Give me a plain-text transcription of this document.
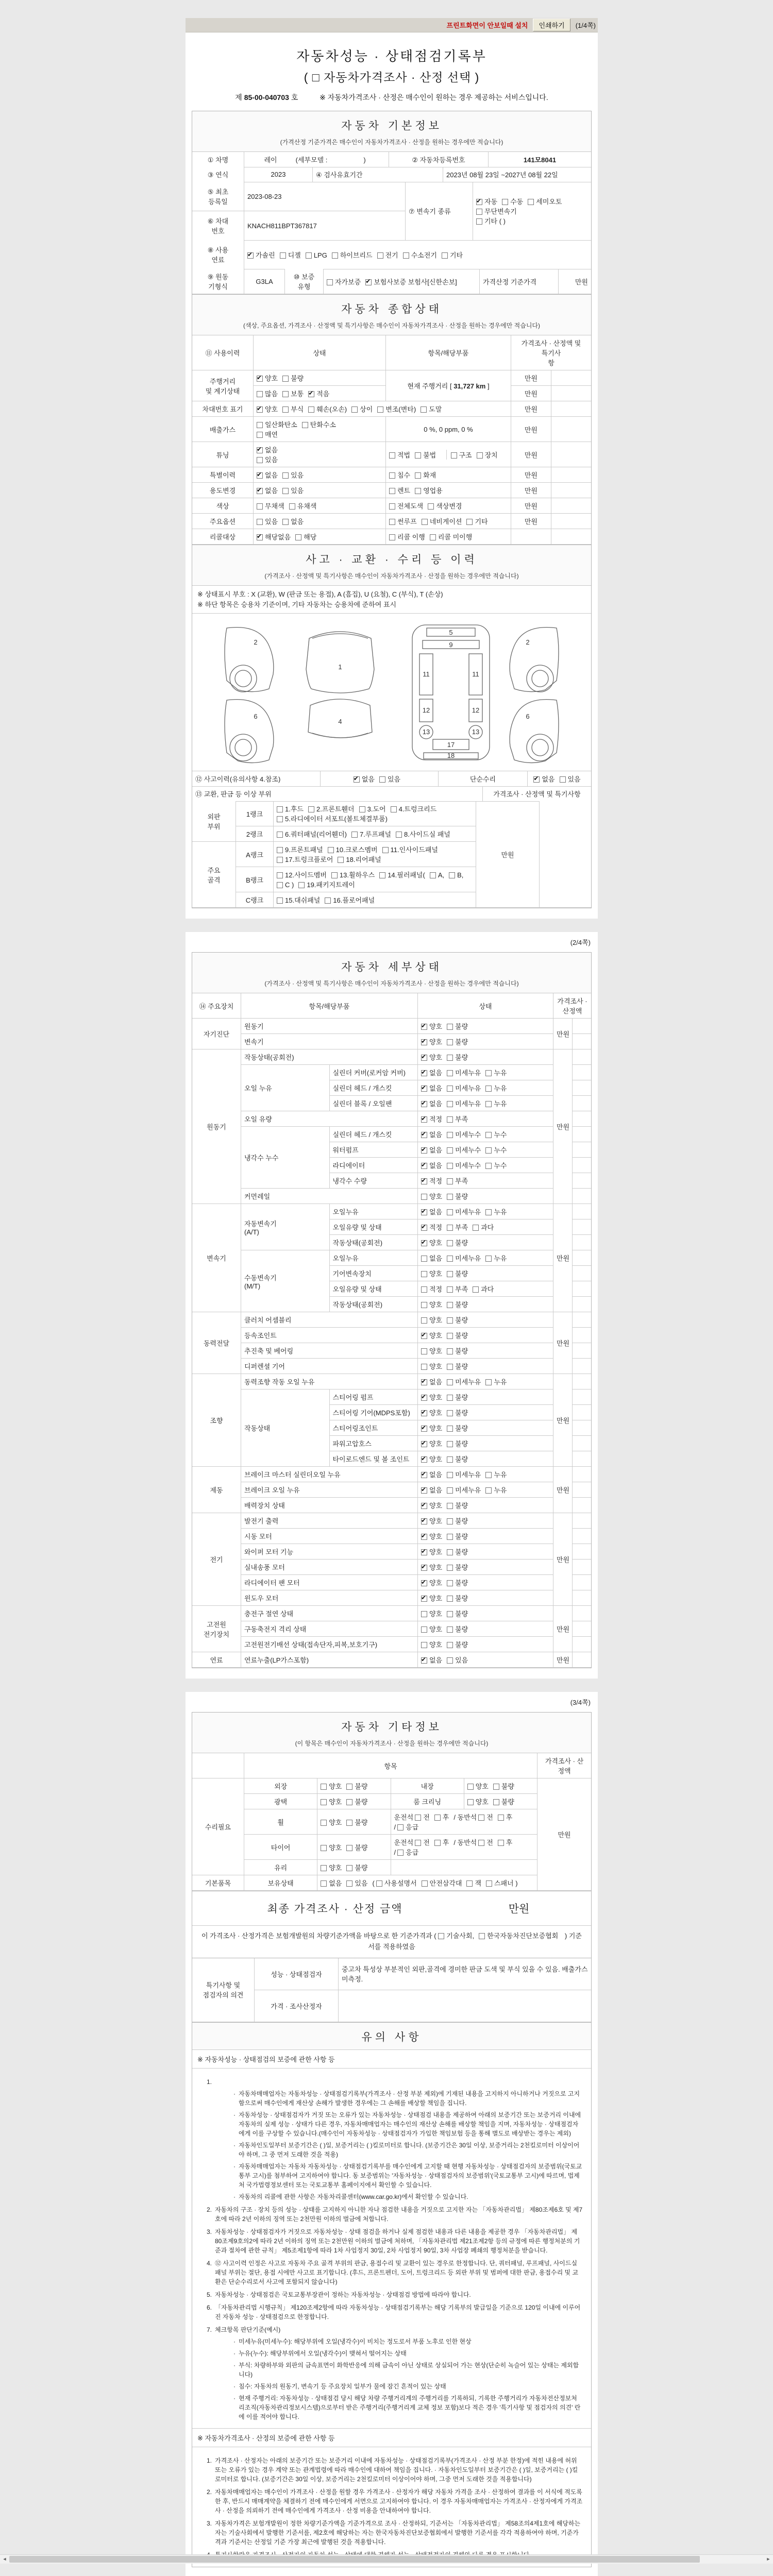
프린트화면이 안보일때 설치	인쇄하기	(1/4쪽)
자동차성능 · 상태점검기록부
( □ 자동차가격조사 · 산정 선택 )
제 85-00-040703 호	※ 자동차가격조사 · 산정은 매수인이 원하는 경우 제공하는 서비스입니다.
자동차 기본정보
(가격산정 기준가격은 매수인이 자동차가격조사 · 산정을 원하는 경우에만 적습니다)
① 차명	레이	(세부모델 :	)	② 자동차등록번호	141모8041
③ 연식	2023	④ 검사유효기간	2023년 08월 23일 ~2027년 08월 22일
⑤ 최초
등록일	2023-08-23	⑦ 변속기 종류	
✔자동 수동 세미오토무단변속기
기타 ( )

⑥ 차대
번호	KNACH811BPT367817		
⑧ 사용
연료	✔가솔린 디젤 LPG 하이브리드 전기 수소전기 기타
⑨ 원동
기형식	G3LA	⑩ 보증
유형	자가보증 ✔ 보험사보증 보험사[신한손보]	가격산정 기준가격	만원
자동차 종합상태
(색상, 주요옵션, 가격조사 · 산정액 및 특기사항은 매수인이 자동차가격조사 · 산정을 원하는 경우에만 적습니다)
⑪ 사용이력	상태	항목/해당부품	가격조사 · 산정액 및 특기사
항	
주행거리
및 계기상태	✔양호 불량	현재 주행거리 [ 31,727 km ]	만원	
	많음 보통 ✔ 적음		만원	
차대번호 표기	✔양호 부식 훼손(오손) 상이 변조(변타) 도말		만원	
배출가스	일산화탄소 탄화수소
매연	0 %, 0 ppm, 0 %	만원	
튜닝	
✔없음
있음

적법 불법	구조 장치	만원	
특별이력	✔없음 있음	침수 화재	만원	
용도변경	✔없음 있음	렌트 영업용	만원	
색상	무채색 유채색	전체도색 색상변경	만원	
주요옵션	있음 없음	썬루프 네비게이션 기타	만원	
리콜대상	✔해당없음 해당	리콜 이행 리콜 미이행		
사고 · 교환 · 수리 등 이력
(가격조사 · 산정액 및 특기사항은 매수인이 자동차가격조사 · 산정을 원하는 경우에만 적습니다)
※ 상태표시 부호 : X (교환), W (판금 또는 용접), A (흠집), U (요철), C (부식), T (손상)
※ 하단 항목은 승용차 기준이며, 기타 자동차는 승용차에 준하여 표시
2
6
1
4
5
9
11	11
12	12
13	13
17
18
2
6
⑫ 사고이력(유의사항 4.참조)	✔없음 있음	단순수리	✔없음 있음
⑬ 교환, 판금 등 이상 부위	가격조사 · 산정액 및 특기사항
외판
부위	1랭크	1.후드 2.프론트휀더 3.도어 4.트렁크리드5.라디에이터 서포트(볼트체결부품)	만원	
	2랭크	6.쿼터패널(리어휀더) 7.루프패널 8.사이드실 패널		
주요
골격	A랭크	9.프론트패널 10.크로스멤버 11.인사이드패널17.트렁크플로어 18.리어패널		
	B랭크	12.사이드멤버 13.휠하우스 14.필러패널( A, B,C ) 19.패키지트레이		
	C랭크	15.대쉬패널 16.플로어패널		
(2/4쪽)
자동차 세부상태
(가격조사 · 산정액 및 특기사항은 매수인이 자동차가격조사 · 산정을 원하는 경우에만 적습니다)
⑭ 주요장치	항목/해당부품		상태	가격조사 · 산정액	
자기진단	원동기	✔양호 불량	만원	
	변속기	✔양호 불량	
원동기	작동상태(공회전)	✔양호 불량	만원	
	오일 누유	실린더 커버(로커암 커버)	✔없음 미세누유 누유	
		실린더 헤드 / 개스킷	✔없음 미세누유 누유	
		실린더 블록 / 오일팬	✔없음 미세누유 누유	
	오일 유량	✔적정 부족	
	냉각수 누수	실린더 헤드 / 개스킷	✔없음 미세누수 누수	
		워터펌프	✔없음 미세누수 누수	
		라디에이터	✔없음 미세누수 누수	
		냉각수 수량	✔적정 부족	
	커먼레일		양호 불량		
변속기	자동변속기
(A/T)	오일누유	✔없음 미세누유 누유	만원	
		오일유량 및 상태	✔적정 부족 과다	
		작동상태(공회전)	✔양호 불량	
	수동변속기
(M/T)	오일누유	없음 미세누유 누유		
		기어변속장치	양호 불량		
		오일유량 및 상태	적정 부족 과다		
		작동상태(공회전)	양호 불량		
동력전달	클러치 어셈블리		양호 불량	만원	
	등속조인트	✔양호 불량	
	추진축 및 베어링		양호 불량		
	디퍼렌셜 기어		양호 불량		
조향	동력조향 작동 오일 누유	✔없음 미세누유 누유	만원	
	작동상태	스티어링 펌프	✔양호 불량	
		스티어링 기어(MDPS포함)	✔양호 불량	
		스티어링조인트	✔양호 불량	
		파워고압호스	✔양호 불량	
		타이로드엔드 및 볼 조인트	✔양호 불량	
제동	브레이크 마스터 실린더오일 누유	✔없음 미세누유 누유	만원	
	브레이크 오일 누유	✔없음 미세누유 누유	
	배력장치 상태	✔양호 불량	
전기	발전기 출력	✔양호 불량	만원	
	시동 모터	✔양호 불량	
	와이퍼 모터 기능	✔양호 불량	
	실내송풍 모터	✔양호 불량	
	라디에이터 팬 모터	✔양호 불량	
	윈도우 모터	✔양호 불량	
고전원
전기장치	충전구 절연 상태		양호 불량	만원	
	구동축전지 격리 상태		양호 불량		
	고전원전기배선 상태(접속단자,피복,보호기구)		양호 불량		
연료	연료누출(LP가스포함)	✔없음 있음	만원	
(3/4쪽)
자동차 기타정보
(이 항목은 매수인이 자동차가격조사 · 산정을 원하는 경우에만 적습니다)
	항목				가격조사 · 산
정액
수리필요	외장	양호 불량	내장	양호 불량	만원
	광택	양호 불량	룸 크리닝	양호 불량	
	휠	양호 불량	운전석 전 후 / 동반석 전 후/ 응급		
	타이어	양호 불량	운전석 전 후 / 동반석 전 후/ 응급		
	유리	양호 불량			
기본품목	보유상태	없음 있음 ( 사용설명서 안전삼각대 잭 스패너 )			
최종 가격조사 · 산정 금액	만원
이 가격조사 · 산정가격은 보험개발원의 차량기준가액을 바탕으로 한 기준가격과 ( 기술사회, 한국자동차진단보증협회 ) 기준서를 적용하였음
특기사항 및
점검자의 의견	성능 · 상태점검자	중고차 특성상 부분적인 외판,골격에 경미한 판금 도색 및 부식 있을 수 있음. 배출가스 미측정.
	가격 · 조사산정자	
유의 사항
※ 자동차성능 · 상태점검의 보증에 관한 사항 등
1.
· 자동차매매업자는 자동차성능 · 상태점검기록부(가격조사 · 산정 부분 제외)에 기재된 내용을 고지하지 아니하거나 거짓으로 고지함으로써 매수인에게 재산상 손해가 발생한 경우에는 그 손해를 배상할 책임을 집니다.
· 자동차성능 · 상태점검자가 거짓 또는 오류가 있는 자동차성능 · 상태점검 내용을 제공하여 아래의 보증기간 또는 보증거리 이내에 자동차의 실제 성능 · 상태가 다른 경우, 자동차매매업자는 매수인의 재산상 손해를 배상할 책임을 지며, 자동차성능 · 상태점검자에게 이를 구상할 수 있습니다.(매수인이 자동차성능 · 상태점검자가 가입한 책임보험 등을 통해 별도로 배상받는 경우는 제외)
· 자동차인도일부터 보증기간은 ( )일, 보증거리는 ( )킬로미터로 합니다. (보증기간은 30일 이상, 보증거리는 2천킬로미터 이상이어야 하며, 그 중 먼저 도래한 것을 적용)
· 자동차매매업자는 자동차 자동차성능 · 상태점검기록부를 매수인에게 고지할 때 현행 자동차성능 · 상태점검자의 보증범위(국토교통부 고시)를 첨부하여 고지하여야 합니다. 동 보증범위는 '자동차성능 · 상태점검자의 보증범위'(국토교통부 고시)에 따르며, 법제처 국가법령정보센터 또는 국토교통부 홈페이지에서 확인할 수 있습니다.
· 자동차의 리콜에 관한 사항은 자동차리콜센터(www.car.go.kr)에서 확인할 수 있습니다.
2. 자동차의 구조 · 장치 등의 성능 · 상태를 고지하지 아니한 자나 점검한 내용을 거짓으로 고지한 자는 「자동차관리법」 제80조제6호 및 제7호에 따라 2년 이하의 징역 또는 2천만원 이하의 벌금에 처합니다.
3. 자동차성능 · 상태점검자가 거짓으로 자동차성능 · 상태 점검을 하거나 실제 점검한 내용과 다른 내용을 제공한 경우 「자동차관리법」 제80조제9호의2에 따라 2년 이하의 징역 또는 2천만원 이하의 벌금에 처하며, 「자동차관리법 제21조제2항 등의 규정에 따른 행정처분의 기준과 절차에 관한 규칙」 제5조제1항에 따라 1차 사업정지 30일, 2차 사업정지 90일, 3차 사업장 폐쇄의 행정처분을 받습니다.
4. ⑫ 사고이력 인정은 사고로 자동차 주요 골격 부위의 판금, 용접수리 및 교환이 있는 경우로 한정합니다. 단, 쿼터패널, 루프패널, 사이드실 패널 부위는 절단, 용접 시에만 사고로 표기합니다. (후드, 프론트펜더, 도어, 트렁크리드 등 외판 부위 및 범퍼에 대한 판금, 용접수리 및 교환은 단순수리로서 사고에 포함되지 않습니다)
5. 자동차성능 · 상태점검은 국토교통부장관이 정하는 자동차성능 · 상태점검 방법에 따라야 합니다.
6. 「자동차관리법 시행규칙」 제120조제2항에 따라 자동차성능 · 상태점검기록부는 해당 기록부의 발급일을 기준으로 120일 이내에 이루어진 자동차 성능 · 상태점검으로 한정합니다.
7. 체크항목 판단기준(예시)
· 미세누유(미세누수): 해당부위에 오일(냉각수)이 비치는 정도로서 부품 노후로 인한 현상
· 누유(누수): 해당부위에서 오일(냉각수)이 맺혀서 떨어지는 상태
· 부식: 차량하부와 외판의 금속표면이 화학반응에 의해 금속이 아닌 상태로 상실되어 가는 현상(단순히 녹슬어 있는 상태는 제외합니다)
· 침수: 자동차의 원동기, 변속기 등 주요장치 일부가 물에 잠긴 흔적이 있는 상태
· 현재 주행거리: 자동차성능 · 상태점검 당시 해당 차량 주행거리계의 주행거리를 기록하되, 기록한 주행거리가 자동차전산정보처리조직(자동차관리정보시스템)으로부터 받은 주행거리(주행거리계 교체 정보 포함)보다 적은 경우 '특기사항 및 점검자의 의견' 란에 이를 적어야 합니다.
※ 자동차가격조사 · 산정의 보증에 관한 사항 등
1. 가격조사 · 산정자는 아래의 보증기간 또는 보증거리 이내에 자동차성능 · 상태점검기록부(가격조사 · 산정 부분 한정)에 적힌 내용에 허위 또는 오류가 있는 경우 계약 또는 관계법령에 따라 매수인에 대하여 책임을 집니다. · 자동차인도일부터 보증기간은 ( )일, 보증거리는 ( )킬로미터로 합니다. (보증기간은 30일 이상, 보증거리는 2천킬로미터 이상이어야 하며, 그중 먼저 도래한 것을 적용합니다)
2. 자동차매매업자는 매수인이 가격조사 · 산정을 원할 경우 가격조사 · 산정자가 해당 자동차 가격을 조사 · 산정하여 결과를 이 서식에 적도록 한 후, 반드시 매매계약을 체결하기 전에 매수인에게 서면으로 고지하여야 합니다. 이 경우 자동차매매업자는 가격조사 · 산정자에게 가격조사 · 산정을 의뢰하기 전에 매수인에게 가격조사 · 산정 비용을 안내하여야 합니다.
3. 자동차가격은 보험개발원이 정한 차량기준가액을 기준가격으로 조사 · 산정하되, 기준서는 「자동차관리법」 제58조의4제1호에 해당하는 자는 기술사회에서 발행한 기준서를, 제2호에 해당하는 자는 한국자동차진단보증협회에서 발행한 기준서를 각각 적용하여야 하며, 기준가격과 기준서는 산정일 기준 가장 최근에 발행된 것을 적용합니다.
◄	►
